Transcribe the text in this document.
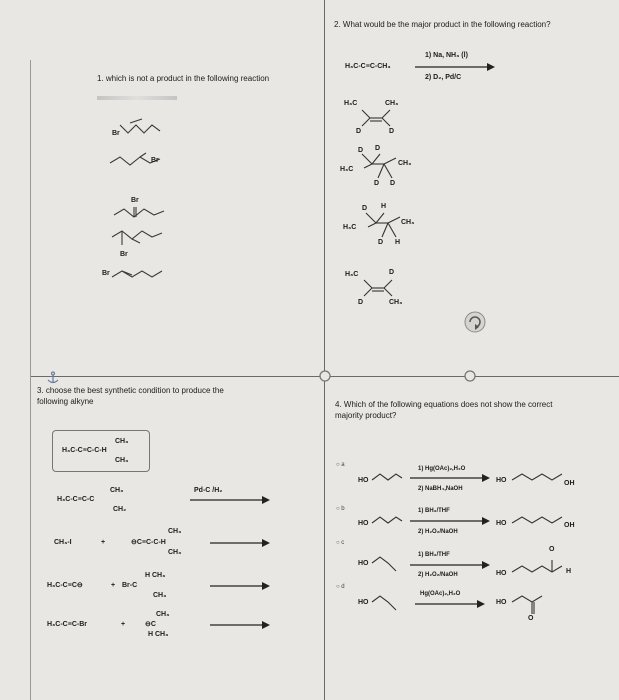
1. which is not a product in the following reaction
Br
Br
Br
Br
Br
2. What would be the major product in the following reaction?
H₃C-C≡C-CH₃
1) Na, NH₃ (l)
2) D₂, Pd/C
H₃C	CH₃
D	D
D D
H₃C
CH₃
D D
D H
H₃C
CH₃
D H
H₃C	D
D	CH₃
3. choose the best synthetic condition to produce the
following alkyne
CH₃
H₃C-C≡C-C-H
CH₃
CH₃
H₃C-C≡C-C
CH₂
Pd-C /H₂
CH₃-I	+
CH₃
⊖C≡C-C-H
CH₃
H₃C-C≡C⊖	+
H CH₃
Br-C
CH₃
H₃C-C≡C-Br	+
CH₃
⊖C
H CH₃
4. Which of the following equations does not show the correct
majority product?
○ a
○ b
○ c
○ d
HO
1) Hg(OAc)₂,H₂O
2) NaBH₄,NaOH
HO	OH
HO
1) BH₃/THF
2) H₂O₂/NaOH
HO	OH
HO
1) BH₃/THF
2) H₂O₂/NaOH	HO
O
H
HO
Hg(OAc)₂,H₂O
HO
O
